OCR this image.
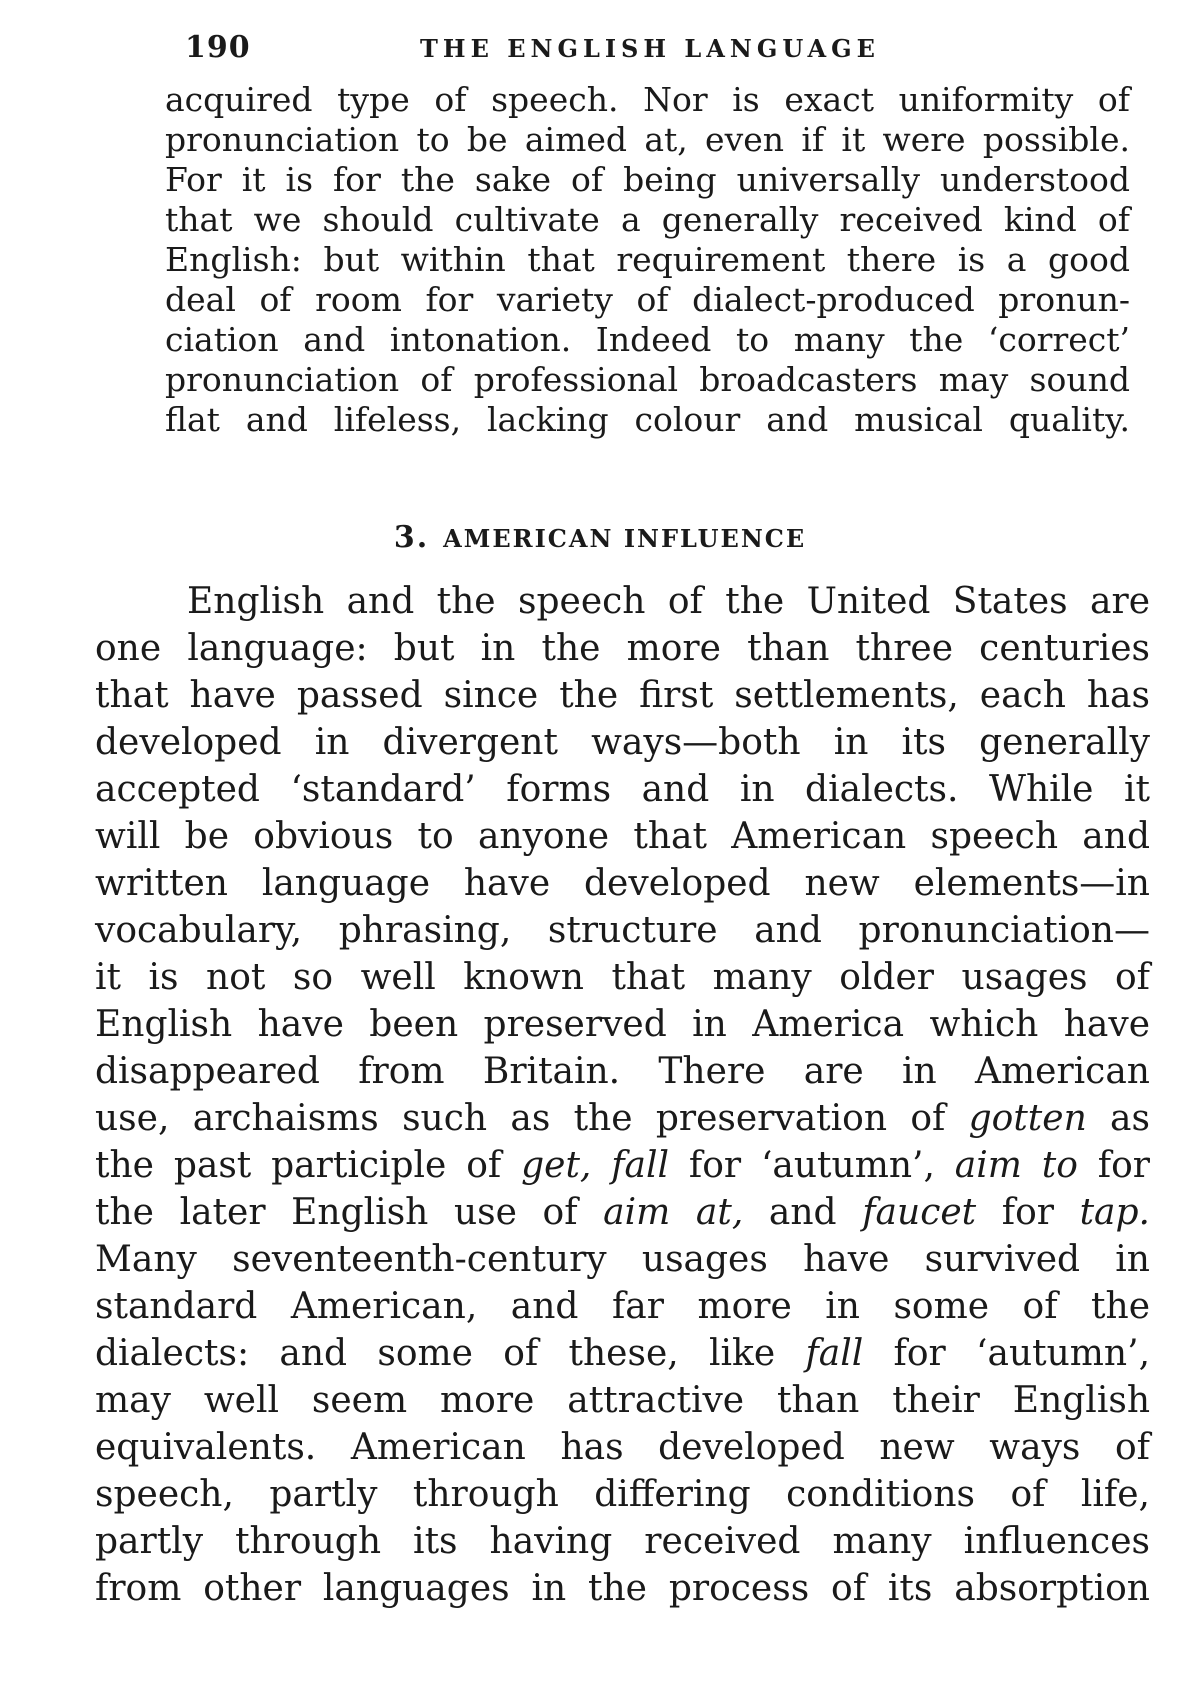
190	THE ENGLISH LANGUAGE
acquired type of speech. Nor is exact uniformity of
pronunciation to be aimed at, even if it were possible.
For it is for the sake of being universally understood
that we should cultivate a generally received kind of
English: but within that requirement there is a good
deal of room for variety of dialect-produced pronun-
ciation and intonation. Indeed to many the ‘correct’
pronunciation of professional broadcasters may sound
flat and lifeless, lacking colour and musical quality.
3. AMERICAN INFLUENCE
English and the speech of the United States are
one language: but in the more than three centuries
that have passed since the first settlements, each has
developed in divergent ways—both in its generally
accepted ‘standard’ forms and in dialects. While it
will be obvious to anyone that American speech and
written language have developed new elements—in
vocabulary, phrasing, structure and pronunciation—
it is not so well known that many older usages of
English have been preserved in America which have
disappeared from Britain. There are in American
use, archaisms such as the preservation of gotten as
the past participle of get, fall for ‘autumn’, aim to for
the later English use of aim at, and faucet for tap.
Many seventeenth-century usages have survived in
standard American, and far more in some of the
dialects: and some of these, like fall for ‘autumn’,
may well seem more attractive than their English
equivalents. American has developed new ways of
speech, partly through differing conditions of life,
partly through its having received many influences
from other languages in the process of its absorption
